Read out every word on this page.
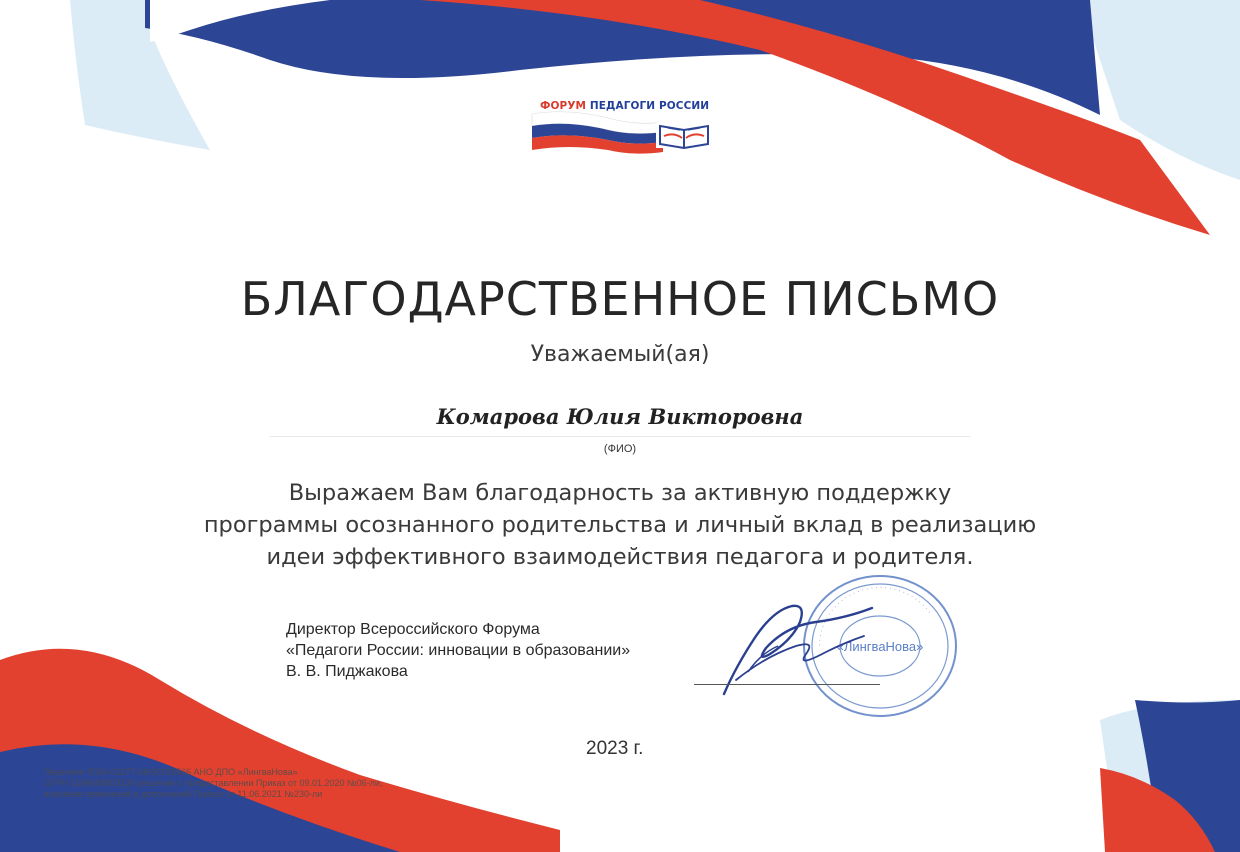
ФОРУМ ПЕДАГОГИ РОССИИ
БЛАГОДАРСТВЕННОЕ ПИСЬМО
Уважаемый(ая)
Комарова Юлия Викторовна
(ФИО)
Выражаем Вам благодарность за активную поддержку
программы осознанного родительства и личный вклад в реализацию
идеи эффективного взаимодействия педагога и родителя.
Директор Всероссийского Форума
«Педагоги России: инновации в образовании»
В. В. Пиджакова
· · · · · · · · · · · · · · · · · · · · · · · · · · · · · · · · ·
«ЛингваНова»
2023 г.
Лицензия Л034-01277-66/00193566 АНО ДПО «ЛингваНова»
ОГРН 1196658003126 решение о предоставлении Приказ от 09.01.2020 №06-ли,
внесение изменений и дополнений Приказ от 11.06.2021 №230-ли
